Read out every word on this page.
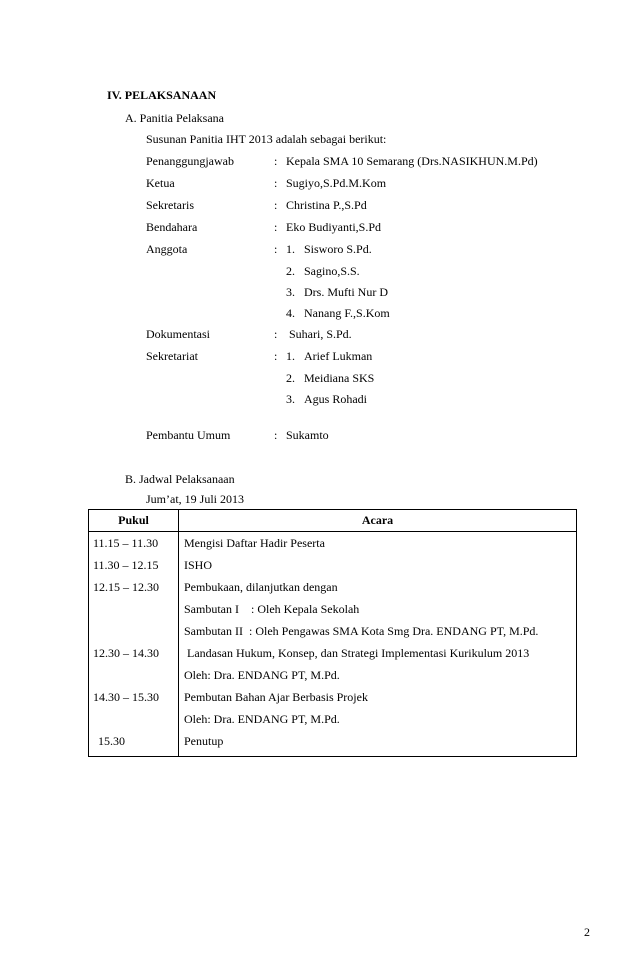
IV. PELAKSANAAN
A. Panitia Pelaksana
Susunan Panitia IHT 2013 adalah sebagai berikut:
Penanggungjawab	: Kepala SMA 10 Semarang (Drs.NASIKHUN.M.Pd)
Ketua	: Sugiyo,S.Pd.M.Kom
Sekretaris	: Christina P.,S.Pd
Bendahara	: Eko Budiyanti,S.Pd
Anggota	: 1. Sisworo S.Pd.
2. Sagino,S.S.
3. Drs. Mufti Nur D
4. Nanang F.,S.Kom
Dokumentasi	: Suhari, S.Pd.
Sekretariat	: 1. Arief Lukman
2. Meidiana SKS
3. Agus Rohadi
Pembantu Umum	: Sukamto
B. Jadwal Pelaksanaan
Jum’at, 19 Juli 2013
Pukul	Acara
11.15 – 11.30	Mengisi Daftar Hadir Peserta
11.30 – 12.15	ISHO
12.15 – 12.30	Pembukaan, dilanjutkan dengan
	Sambutan I    : Oleh Kepala Sekolah
	Sambutan II  : Oleh Pengawas SMA Kota Smg Dra. ENDANG PT, M.Pd.
12.30 – 14.30	Landasan Hukum, Konsep, dan Strategi Implementasi Kurikulum 2013
	Oleh: Dra. ENDANG PT, M.Pd.
14.30 – 15.30	Pembutan Bahan Ajar Berbasis Projek
	Oleh: Dra. ENDANG PT, M.Pd.
15.30	Penutup
2
